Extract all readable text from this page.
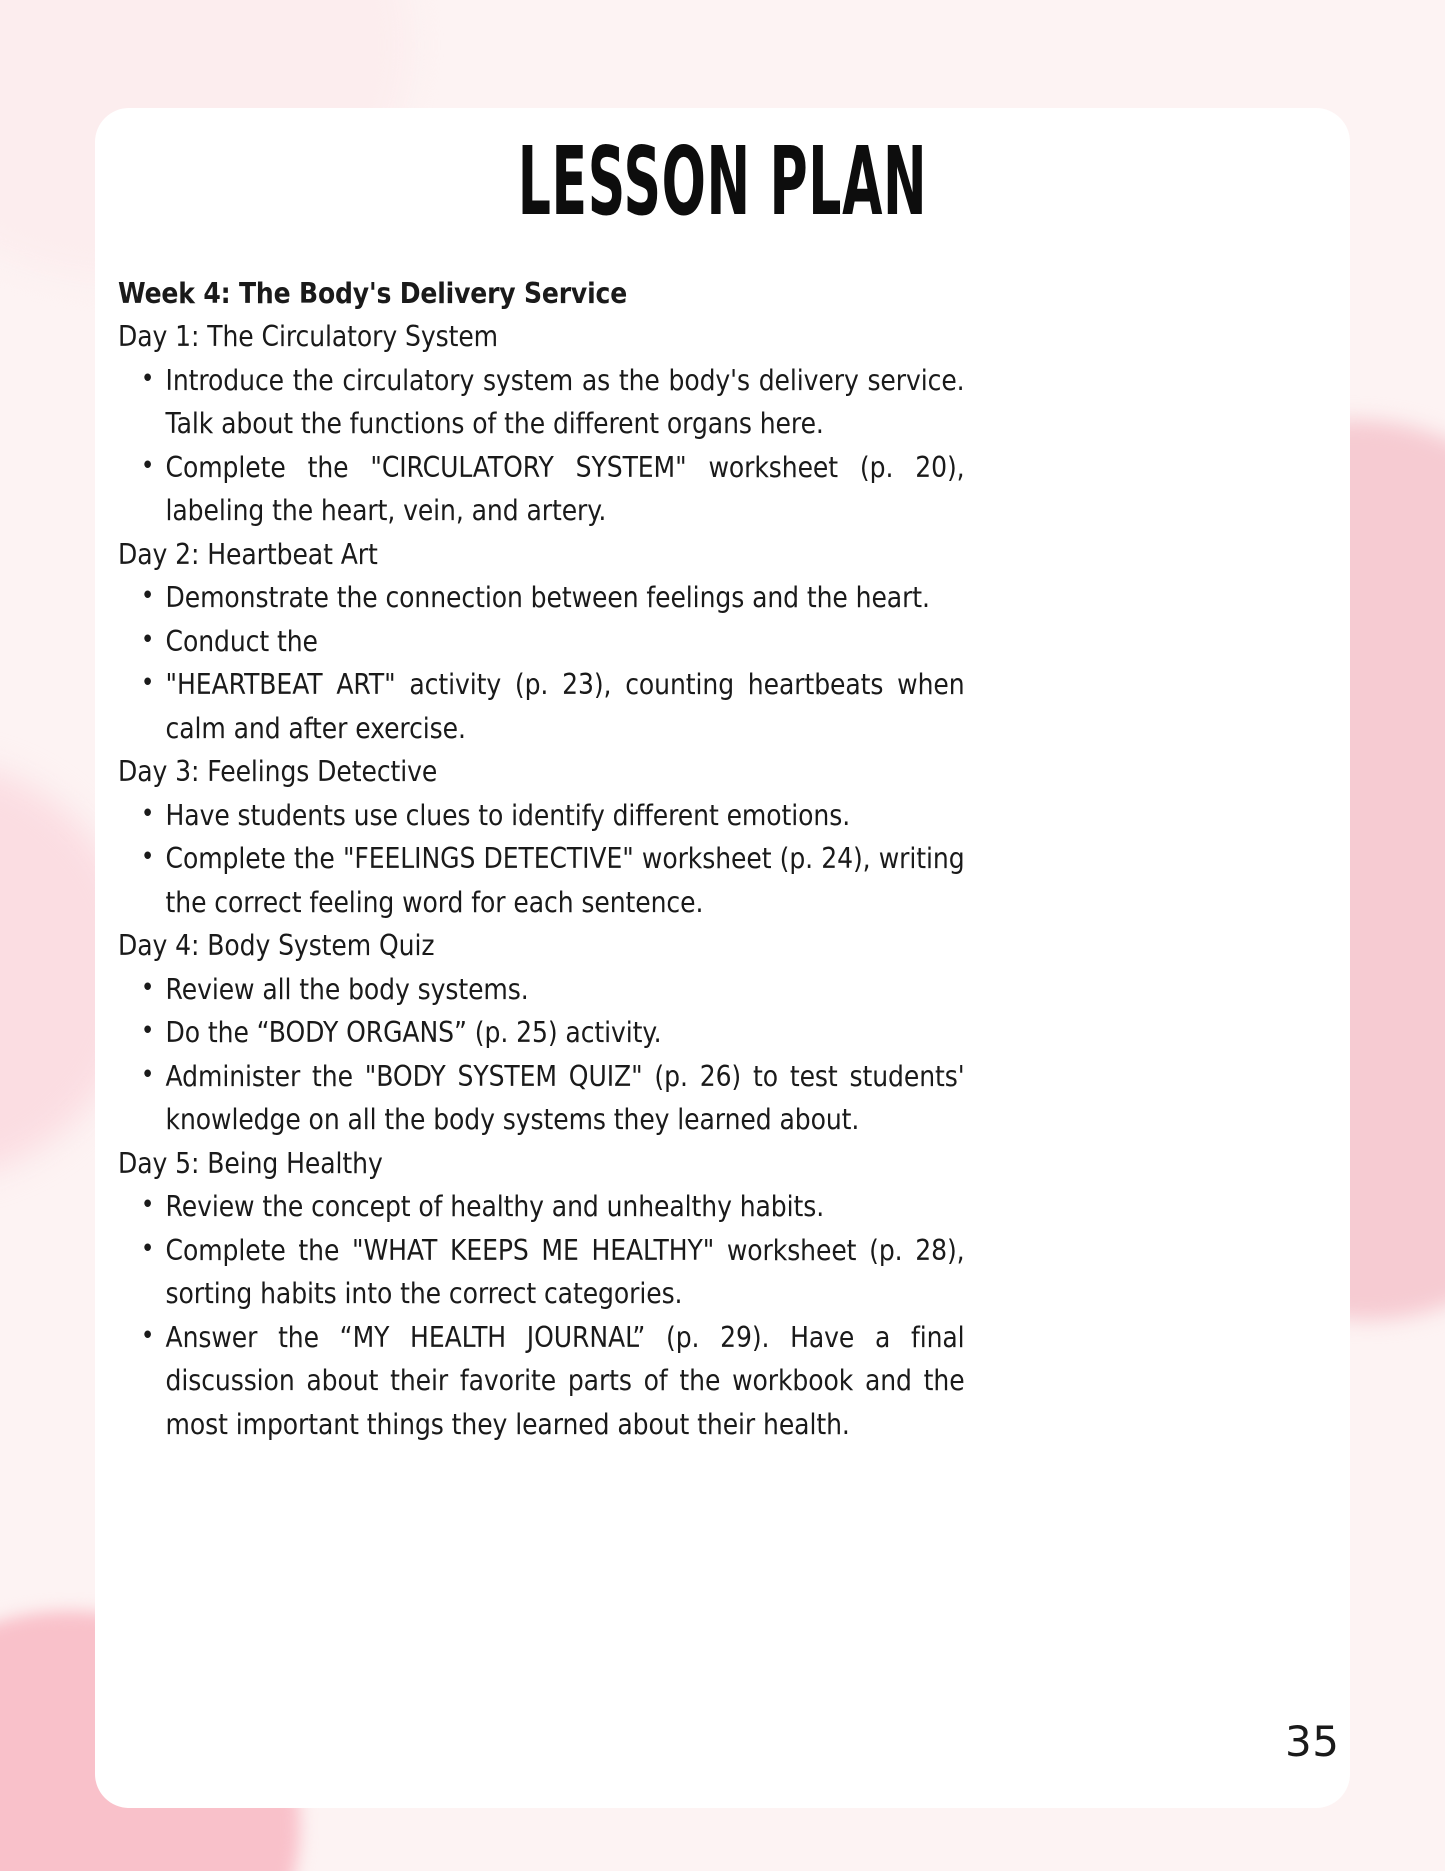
LESSON PLAN

Week 4: The Body's Delivery Service

Day 1: The Circulatory System

• Introduce the circulatory system as the body's delivery service. Talk about the functions of the different organs here.
• Complete the "CIRCULATORY SYSTEM" worksheet (p. 20), labeling the heart, vein, and artery.

Day 2: Heartbeat Art

• Demonstrate the connection between feelings and the heart.
• Conduct the
• "HEARTBEAT ART" activity (p. 23), counting heartbeats when calm and after exercise.

Day 3: Feelings Detective

• Have students use clues to identify different emotions.
• Complete the "FEELINGS DETECTIVE" worksheet (p. 24), writing the correct feeling word for each sentence.

Day 4: Body System Quiz

• Review all the body systems.
• Do the “BODY ORGANS” (p. 25) activity.
• Administer the "BODY SYSTEM QUIZ" (p. 26) to test students' knowledge on all the body systems they learned about.

Day 5: Being Healthy

• Review the concept of healthy and unhealthy habits.
• Complete the "WHAT KEEPS ME HEALTHY" worksheet (p. 28), sorting habits into the correct categories.
• Answer the “MY HEALTH JOURNAL” (p. 29). Have a final discussion about their favorite parts of the workbook and the most important things they learned about their health.
35
